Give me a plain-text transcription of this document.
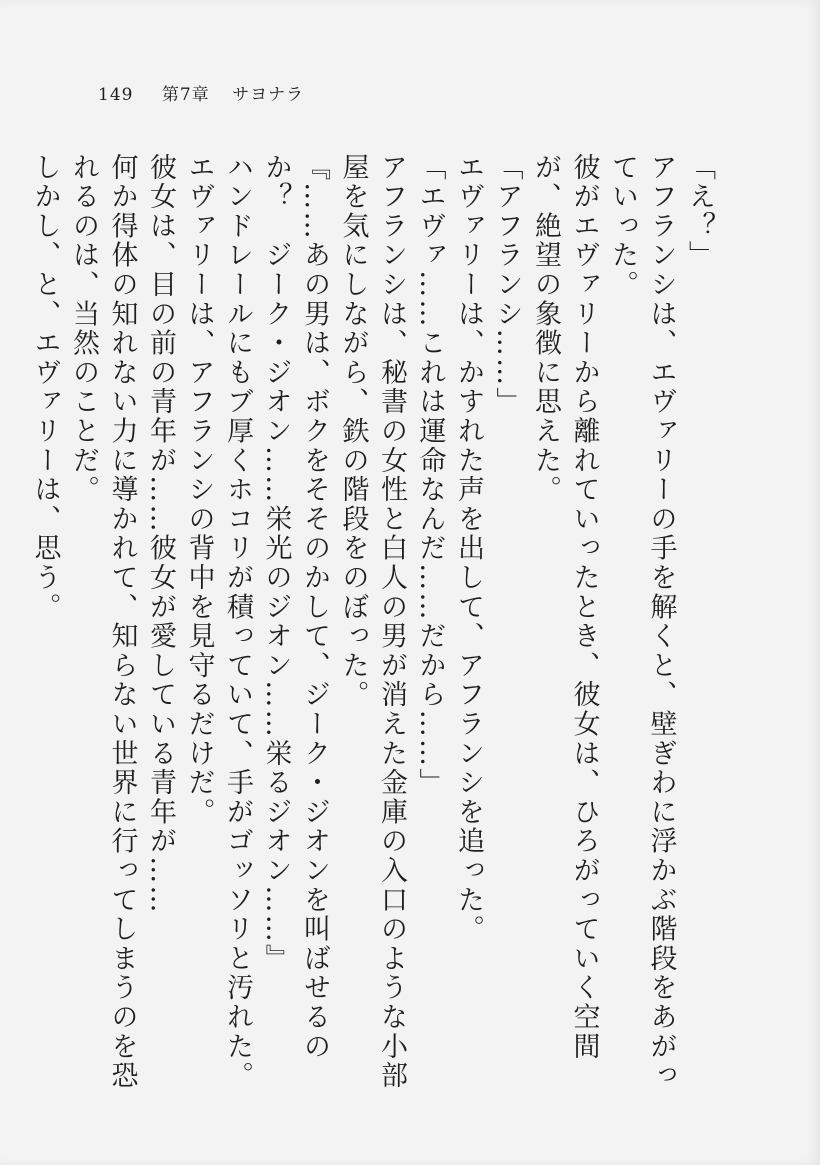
149 第7章 サヨナラ

「え？」

アフランシは、エヴァリーの手を解くと、壁ぎわに浮かぶ階段をあがっていった。

彼がエヴァリーから離れていったとき、彼女は、ひろがっていく空間が、絶望の象徴に思えた。

「アフランシ……」

エヴァリーは、かすれた声を出して、アフランシを追った。

「エヴァ……これは運命なんだ……だから……」

アフランシは、秘書の女性と白人の男が消えた金庫の入口のような小部屋を気にしながら、鉄の階段をのぼった。

『……あの男は、ボクをそそのかして、ジーク・ジオンを叫ばせるのか？　ジーク・ジオン……栄光のジオン……栄るジオン……』

ハンドレールにもブ厚くホコリが積っていて、手がゴッソリと汚れた。

エヴァリーは、アフランシの背中を見守るだけだ。

彼女は、目の前の青年が……彼女が愛している青年が……

何か得体の知れない力に導かれて、知らない世界に行ってしまうのを恐れるのは、当然のことだ。

しかし、と、エヴァリーは、思う。
